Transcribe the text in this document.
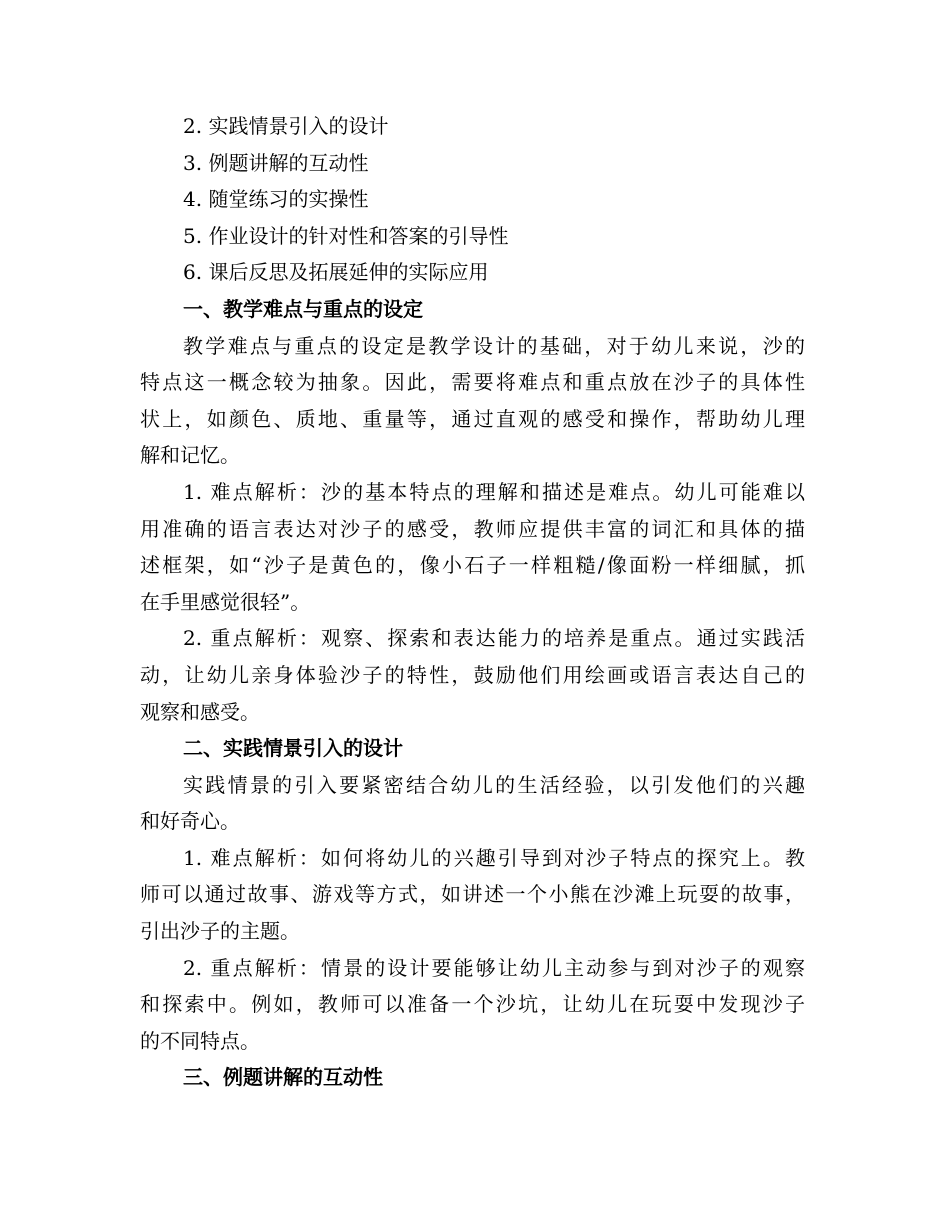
2. 实践情景引入的设计

3. 例题讲解的互动性

4. 随堂练习的实操性

5. 作业设计的针对性和答案的引导性

6. 课后反思及拓展延伸的实际应用

一、教学难点与重点的设定

教学难点与重点的设定是教学设计的基础，对于幼儿来说，沙的

特点这一概念较为抽象。因此，需要将难点和重点放在沙子的具体性

状上，如颜色、质地、重量等，通过直观的感受和操作，帮助幼儿理

解和记忆。

1. 难点解析：沙的基本特点的理解和描述是难点。幼儿可能难以

用准确的语言表达对沙子的感受，教师应提供丰富的词汇和具体的描

述框架，如“沙子是黄色的，像小石子一样粗糙/像面粉一样细腻，抓

在手里感觉很轻”。

2. 重点解析：观察、探索和表达能力的培养是重点。通过实践活

动，让幼儿亲身体验沙子的特性，鼓励他们用绘画或语言表达自己的

观察和感受。

二、实践情景引入的设计

实践情景的引入要紧密结合幼儿的生活经验，以引发他们的兴趣

和好奇心。

1. 难点解析：如何将幼儿的兴趣引导到对沙子特点的探究上。教

师可以通过故事、游戏等方式，如讲述一个小熊在沙滩上玩耍的故事，

引出沙子的主题。

2. 重点解析：情景的设计要能够让幼儿主动参与到对沙子的观察

和探索中。例如，教师可以准备一个沙坑，让幼儿在玩耍中发现沙子

的不同特点。

三、例题讲解的互动性
